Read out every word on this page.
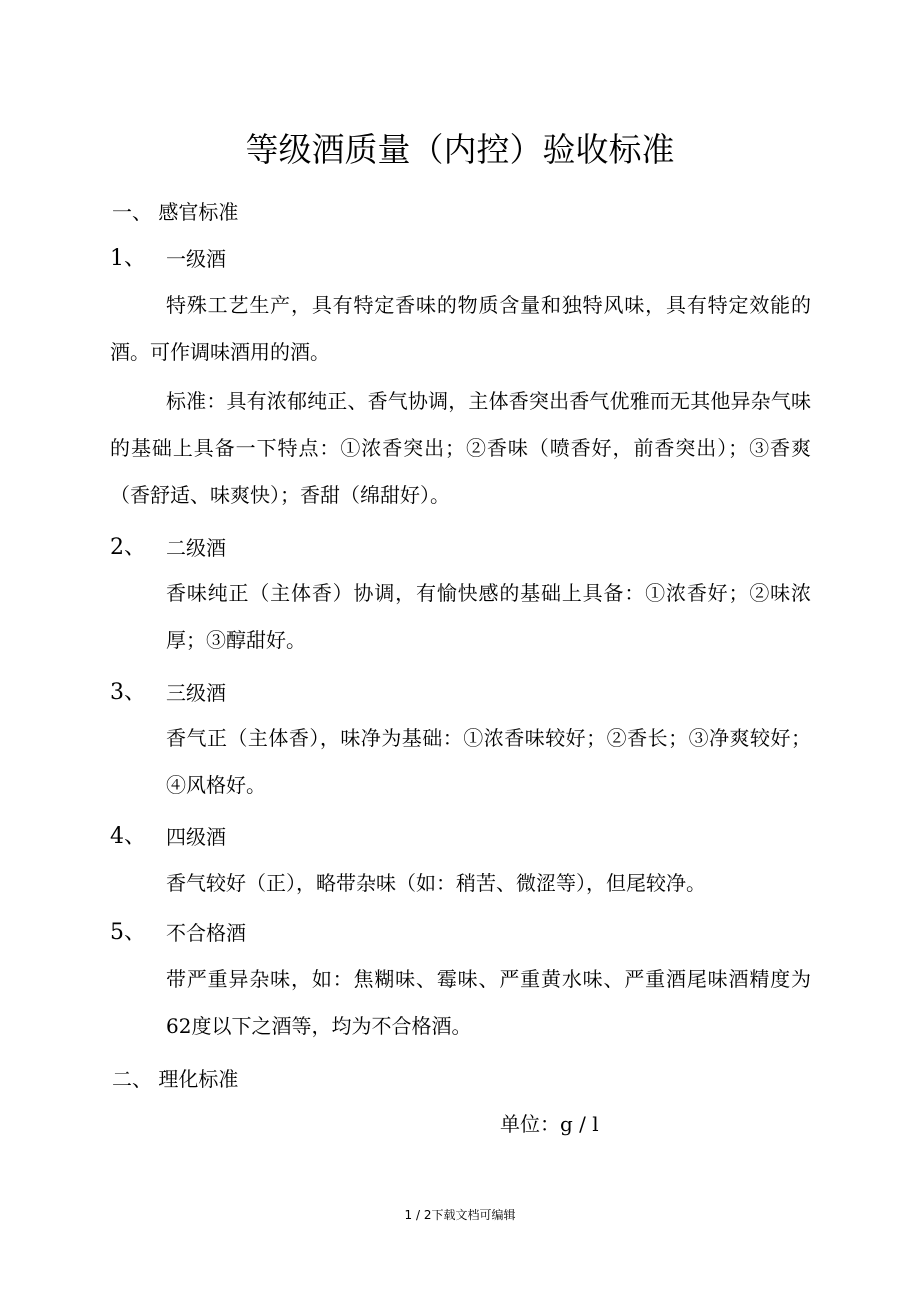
等级酒质量（内控）验收标准
一、 感官标准
1、 一级酒
特殊工艺生产，具有特定香味的物质含量和独特风味，具有特定效能的酒。可作调味酒用的酒。
标准：具有浓郁纯正、香气协调，主体香突出香气优雅而无其他异杂气味的基础上具备一下特点：①浓香突出；②香味（喷香好，前香突出）；③香爽（香舒适、味爽快）；香甜（绵甜好）。
2、 二级酒
香味纯正（主体香）协调，有愉快感的基础上具备：①浓香好；②味浓厚；③醇甜好。
3、 三级酒
香气正（主体香），味净为基础：①浓香味较好；②香长；③净爽较好；④风格好。
4、 四级酒
香气较好（正），略带杂味（如：稍苦、微涩等），但尾较净。
5、 不合格酒
带严重异杂味，如：焦糊味、霉味、严重黄水味、严重酒尾味酒精度为62度以下之酒等，均为不合格酒。
二、 理化标准
单位：g / l
1 / 2下载文档可编辑
